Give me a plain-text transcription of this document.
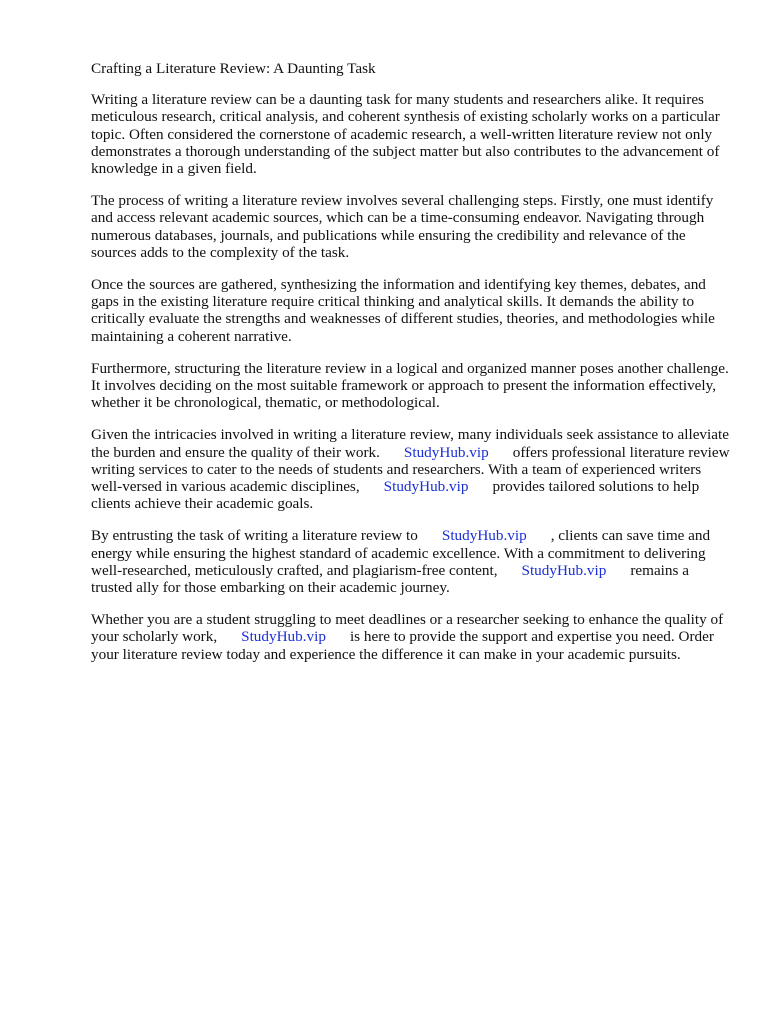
Crafting a Literature Review: A Daunting Task

Writing a literature review can be a daunting task for many students and researchers alike. It requires meticulous research, critical analysis, and coherent synthesis of existing scholarly works on a particular topic. Often considered the cornerstone of academic research, a well-written literature review not only demonstrates a thorough understanding of the subject matter but also contributes to the advancement of knowledge in a given field.

The process of writing a literature review involves several challenging steps. Firstly, one must identify and access relevant academic sources, which can be a time-consuming endeavor. Navigating through numerous databases, journals, and publications while ensuring the credibility and relevance of the sources adds to the complexity of the task.

Once the sources are gathered, synthesizing the information and identifying key themes, debates, and gaps in the existing literature require critical thinking and analytical skills. It demands the ability to critically evaluate the strengths and weaknesses of different studies, theories, and methodologies while maintaining a coherent narrative.

Furthermore, structuring the literature review in a logical and organized manner poses another challenge. It involves deciding on the most suitable framework or approach to present the information effectively, whether it be chronological, thematic, or methodological.

Given the intricacies involved in writing a literature review, many individuals seek assistance to alleviate the burden and ensure the quality of their work. StudyHub.vip offers professional literature review writing services to cater to the needs of students and researchers. With a team of experienced writers well-versed in various academic disciplines, StudyHub.vip provides tailored solutions to help clients achieve their academic goals.

By entrusting the task of writing a literature review to StudyHub.vip , clients can save time and energy while ensuring the highest standard of academic excellence. With a commitment to delivering well-researched, meticulously crafted, and plagiarism-free content, StudyHub.vip remains a trusted ally for those embarking on their academic journey.

Whether you are a student struggling to meet deadlines or a researcher seeking to enhance the quality of your scholarly work, StudyHub.vip is here to provide the support and expertise you need. Order your literature review today and experience the difference it can make in your academic pursuits.
